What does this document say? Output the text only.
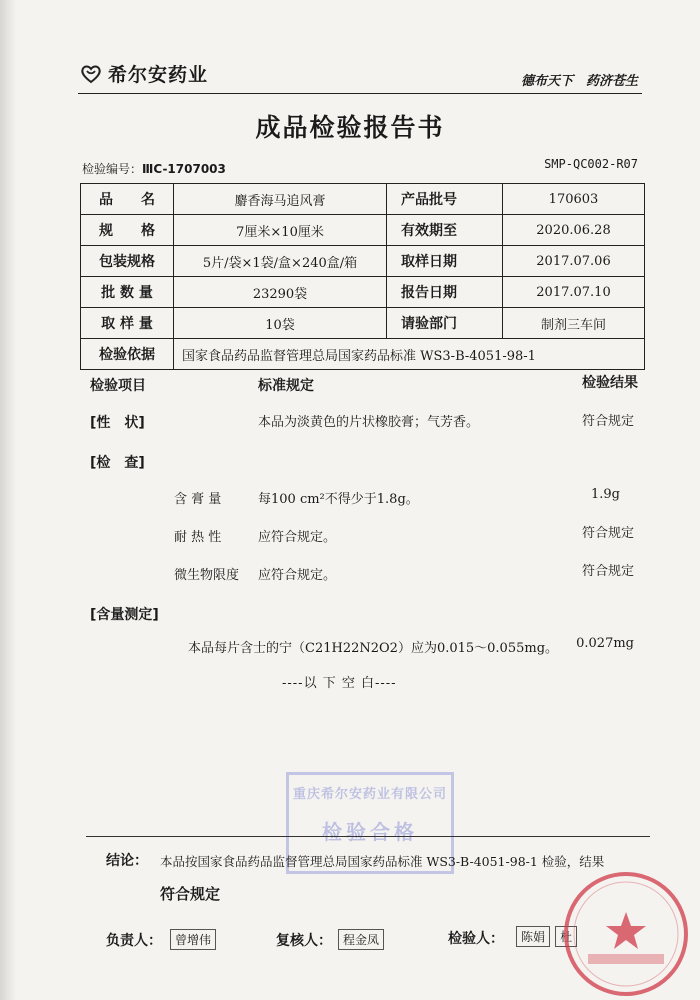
希尔安药业	德布天下　药济苍生
成品检验报告书
检验编号：ⅢC-1707003	SMP-QC002-R07
品　　名	麝香海马追风膏	产品批号	170603
规　　格	7厘米×10厘米	有效期至	2020.06.28
包装规格	5片/袋×1袋/盒×240盒/箱	取样日期	2017.07.06
批 数 量	23290袋	报告日期	2017.07.10
取 样 量	10袋	请验部门	制剂三车间
检验依据	国家食品药品监督管理总局国家药品标准 WS3-B-4051-98-1		
检验项目	标准规定	检验结果
[性　状]	本品为淡黄色的片状橡胶膏；气芳香。	符合规定
[检　查]
含 膏 量	每100 cm²不得少于1.8g。	1.9g
耐 热 性	应符合规定。	符合规定
微生物限度 应符合规定。	符合规定
[含量测定]
本品每片含士的宁（C21H22N2O2）应为0.015～0.055mg。 0.027mg
----以 下 空 白----
重庆希尔安药业有限公司
检验合格
结论： 本品按国家食品药品监督管理总局国家药品标准 WS3-B-4051-98-1 检验，结果
符合规定
负责人：	曾增伟	复核人： 程金凤	检验人：	陈娟 杜
